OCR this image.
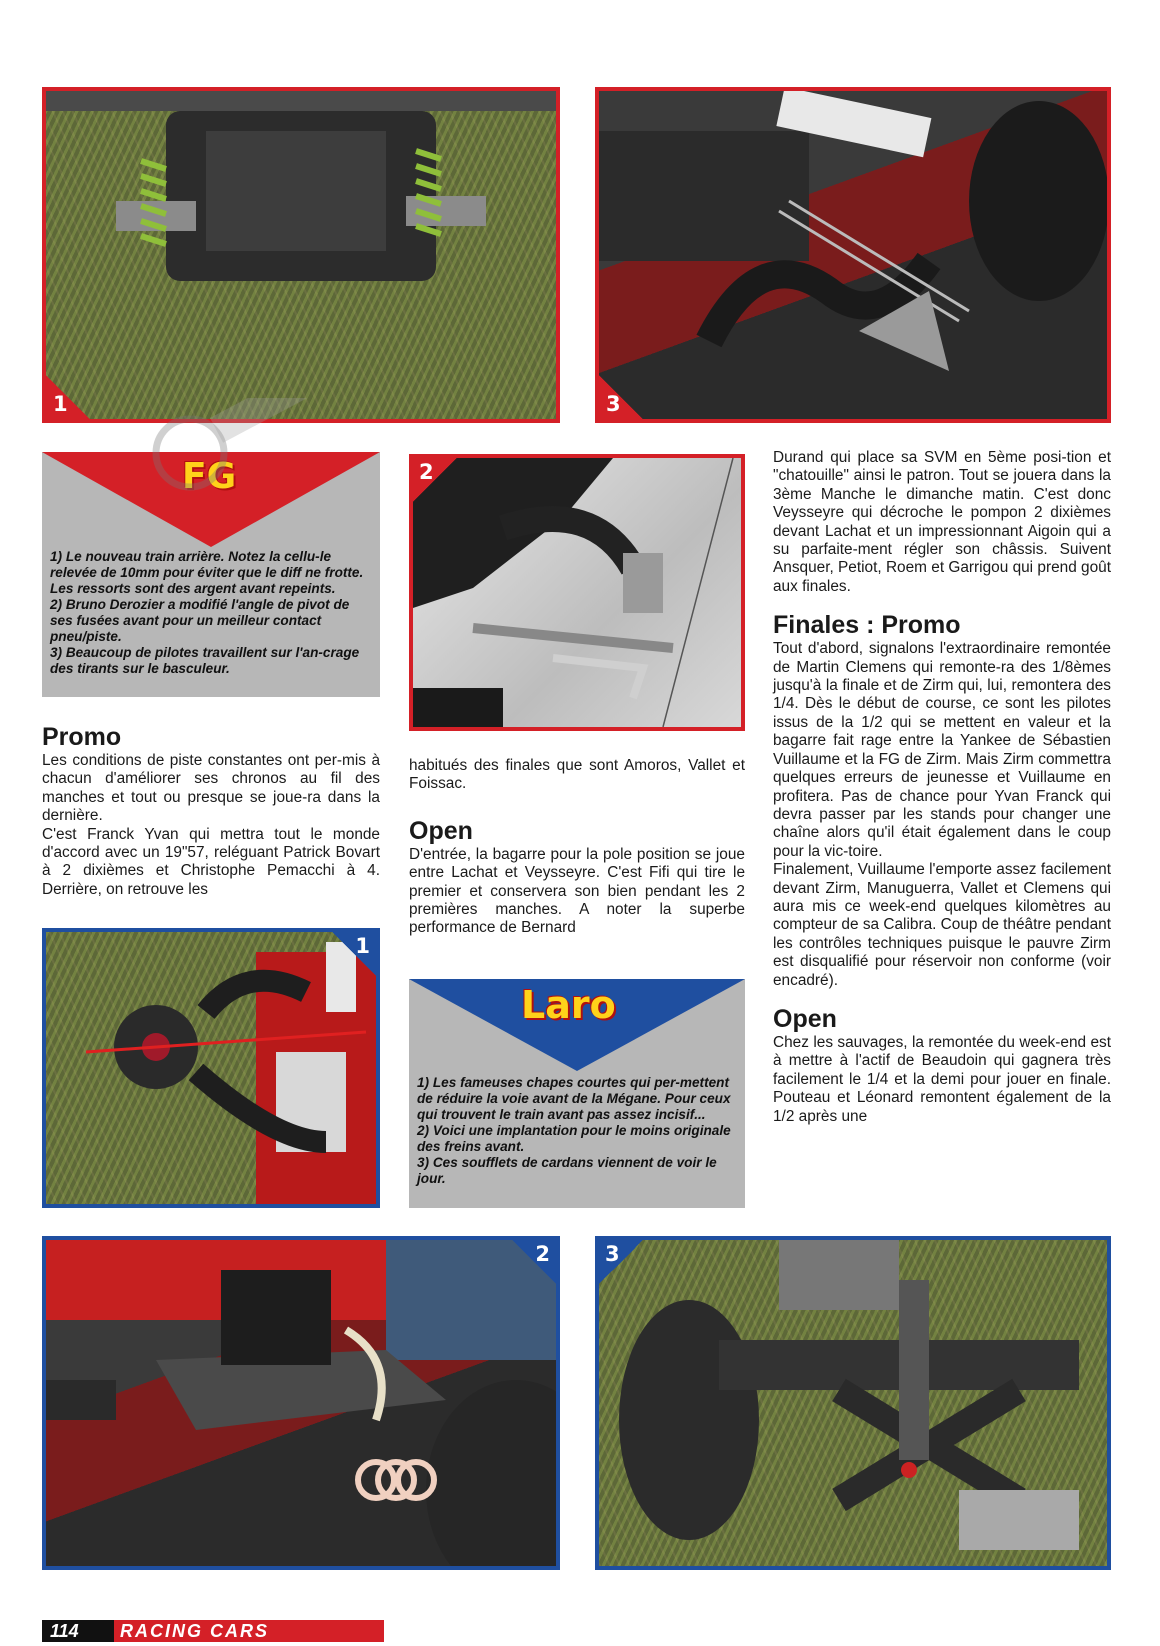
1	3
FG

1) Le nouveau train arrière. Notez la cellu-le relevée de 10mm pour éviter que le diff ne frotte. Les ressorts sont des argent avant repeints.

2) Bruno Derozier a modifié l'angle de pivot de ses fusées avant pour un meilleur contact pneu/piste.

3) Beaucoup de pilotes travaillent sur l'an-crage des tirants sur le basculeur.

2
Promo

Les conditions de piste constantes ont per-mis à chacun d'améliorer ses chronos au fil des manches et tout ou presque se joue-ra dans la dernière.

C'est Franck Yvan qui mettra tout le monde d'accord avec un 19"57, reléguant Patrick Bovart à 2 dixièmes et Christophe Pemacchi à 4. Derrière, on retrouve les

1

habitués des finales que sont Amoros, Vallet et Foissac.

Open

D'entrée, la bagarre pour la pole position se joue entre Lachat et Veysseyre. C'est Fifi qui tire le premier et conservera son bien pendant les 2 premières manches. A noter la superbe performance de Bernard

Laro

1) Les fameuses chapes courtes qui per-mettent de réduire la voie avant de la Mégane. Pour ceux qui trouvent le train avant pas assez incisif...

2) Voici une implantation pour le moins originale des freins avant.

3) Ces soufflets de cardans viennent de voir le jour.

Durand qui place sa SVM en 5ème posi-tion et "chatouille" ainsi le patron. Tout se jouera dans la 3ème Manche le dimanche matin. C'est donc Veysseyre qui décroche le pompon 2 dixièmes devant Lachat et un impressionnant Aigoin qui a su parfaite-ment régler son châssis. Suivent Ansquer, Petiot, Roem et Garrigou qui prend goût aux finales.

Finales : Promo

Tout d'abord, signalons l'extraordinaire remontée de Martin Clemens qui remonte-ra des 1/8èmes jusqu'à la finale et de Zirm qui, lui, remontera des 1/4. Dès le début de course, ce sont les pilotes issus de la 1/2 qui se mettent en valeur et la bagarre fait rage entre la Yankee de Sébastien Vuillaume et la FG de Zirm. Mais Zirm commettra quelques erreurs de jeunesse et Vuillaume en profitera. Pas de chance pour Yvan Franck qui devra passer par les stands pour changer une chaîne alors qu'il était également dans le coup pour la vic-toire.

Finalement, Vuillaume l'emporte assez facilement devant Zirm, Manuguerra, Vallet et Clemens qui aura mis ce week-end quelques kilomètres au compteur de sa Calibra. Coup de théâtre pendant les contrôles techniques puisque le pauvre Zirm est disqualifié pour réservoir non conforme (voir encadré).

Open

Chez les sauvages, la remontée du week-end est à mettre à l'actif de Beaudoin qui gagnera très facilement le 1/4 et la demi pour jouer en finale. Pouteau et Léonard remontent également de la 1/2 après une

2	3
114	RACING CARS
